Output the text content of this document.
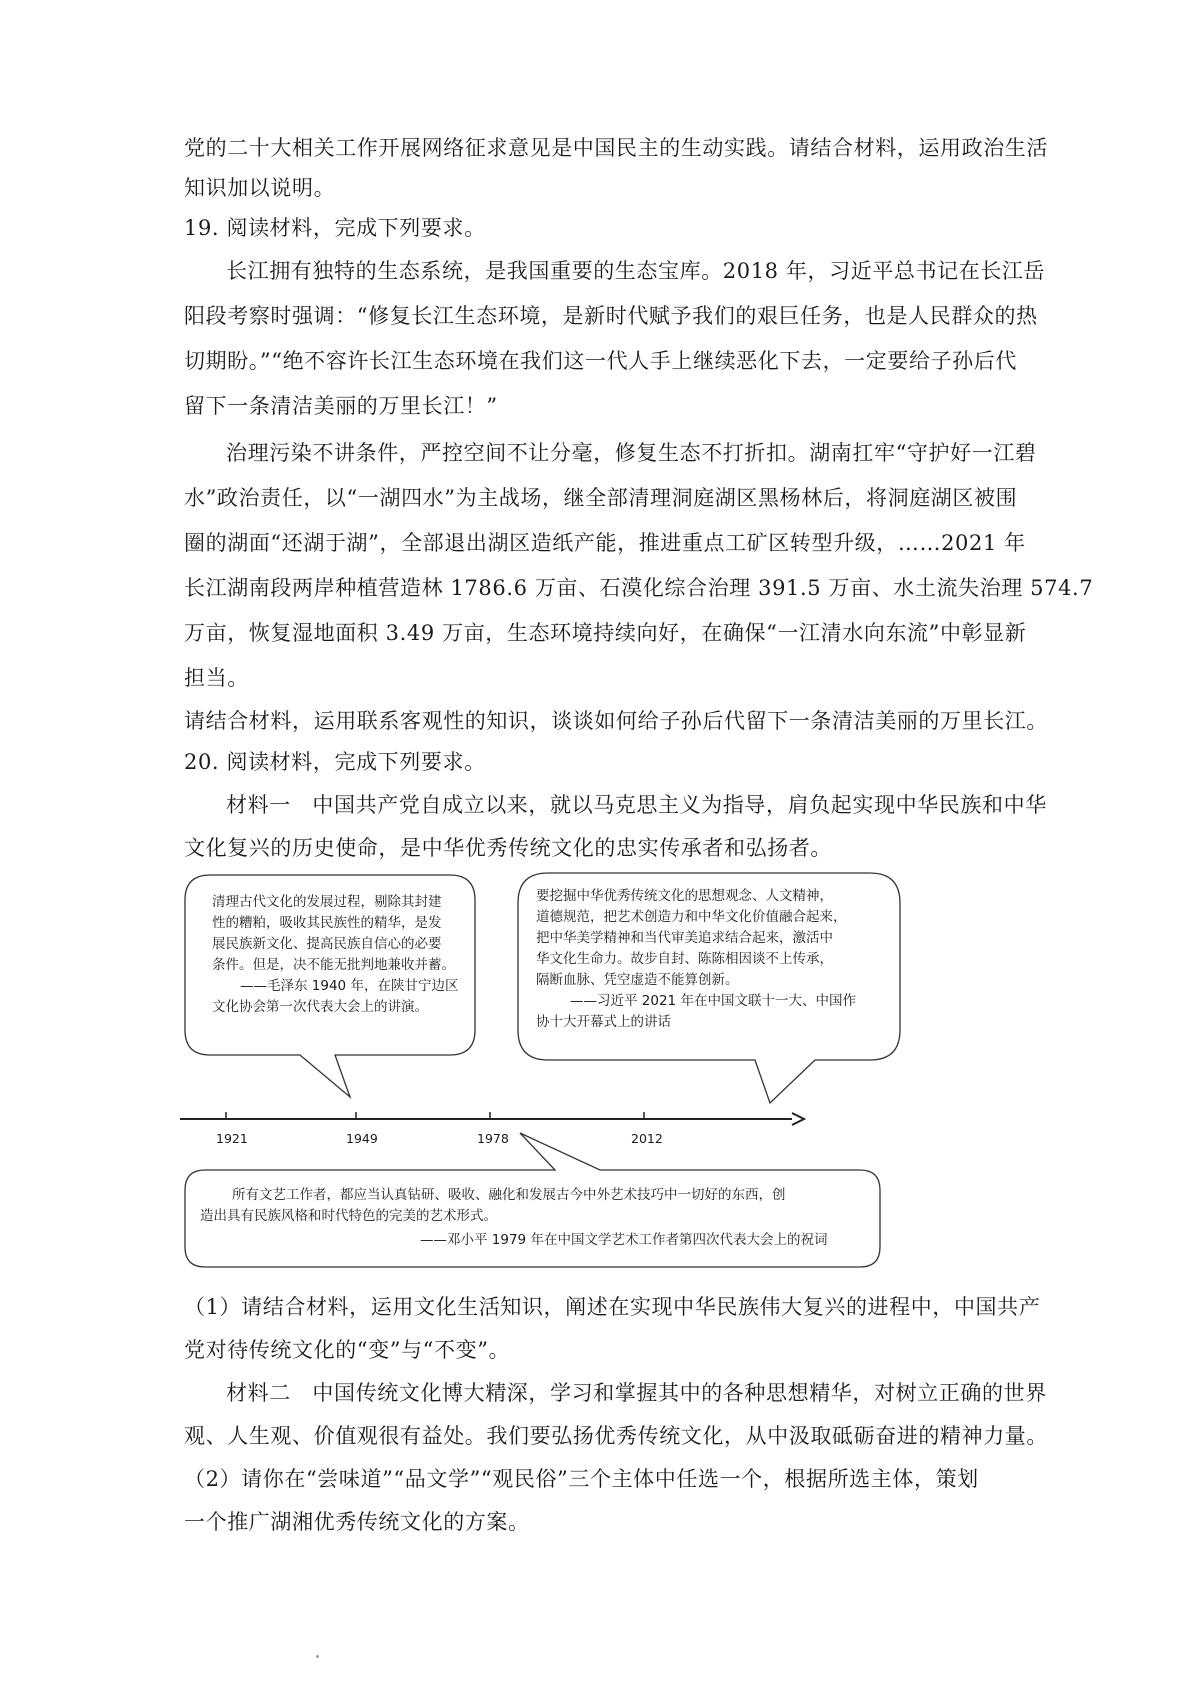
党的二十大相关工作开展网络征求意见是中国民主的生动实践。请结合材料，运用政治生活
知识加以说明。
19. 阅读材料，完成下列要求。
长江拥有独特的生态系统，是我国重要的生态宝库。2018 年，习近平总书记在长江岳
阳段考察时强调：“修复长江生态环境，是新时代赋予我们的艰巨任务，也是人民群众的热
切期盼。”“绝不容许长江生态环境在我们这一代人手上继续恶化下去，一定要给子孙后代
留下一条清洁美丽的万里长江！”
治理污染不讲条件，严控空间不让分毫，修复生态不打折扣。湖南扛牢“守护好一江碧
水”政治责任，以“一湖四水”为主战场，继全部清理洞庭湖区黑杨林后，将洞庭湖区被围
圈的湖面“还湖于湖”，全部退出湖区造纸产能，推进重点工矿区转型升级，……2021 年
长江湖南段两岸种植营造林 1786.6 万亩、石漠化综合治理 391.5 万亩、水土流失治理 574.7
万亩，恢复湿地面积 3.49 万亩，生态环境持续向好，在确保“一江清水向东流”中彰显新
担当。
请结合材料，运用联系客观性的知识，谈谈如何给子孙后代留下一条清洁美丽的万里长江。
20. 阅读材料，完成下列要求。
材料一　中国共产党自成立以来，就以马克思主义为指导，肩负起实现中华民族和中华
文化复兴的历史使命，是中华优秀传统文化的忠实传承者和弘扬者。
清理古代文化的发展过程，剔除其封建
性的糟粕，吸收其民族性的精华，是发
展民族新文化、提高民族自信心的必要
条件。但是，决不能无批判地兼收并蓄。
——毛泽东 1940 年，在陕甘宁边区
文化协会第一次代表大会上的讲演。
要挖掘中华优秀传统文化的思想观念、人文精神，
道德规范，把艺术创造力和中华文化价值融合起来，
把中华美学精神和当代审美追求结合起来，激活中
华文化生命力。故步自封、陈陈相因谈不上传承，
隔断血脉、凭空虚造不能算创新。
——习近平 2021 年在中国文联十一大、中国作
协十大开幕式上的讲话
1921	1949	1978	2012
所有文艺工作者，都应当认真钻研、吸收、融化和发展古今中外艺术技巧中一切好的东西，创
造出具有民族风格和时代特色的完美的艺术形式。
——邓小平 1979 年在中国文学艺术工作者第四次代表大会上的祝词
（1）请结合材料，运用文化生活知识，阐述在实现中华民族伟大复兴的进程中，中国共产
党对待传统文化的“变”与“不变”。
材料二　中国传统文化博大精深，学习和掌握其中的各种思想精华，对树立正确的世界
观、人生观、价值观很有益处。我们要弘扬优秀传统文化，从中汲取砥砺奋进的精神力量。
（2）请你在“尝味道”“品文学”“观民俗”三个主体中任选一个，根据所选主体，策划
一个推广湖湘优秀传统文化的方案。
